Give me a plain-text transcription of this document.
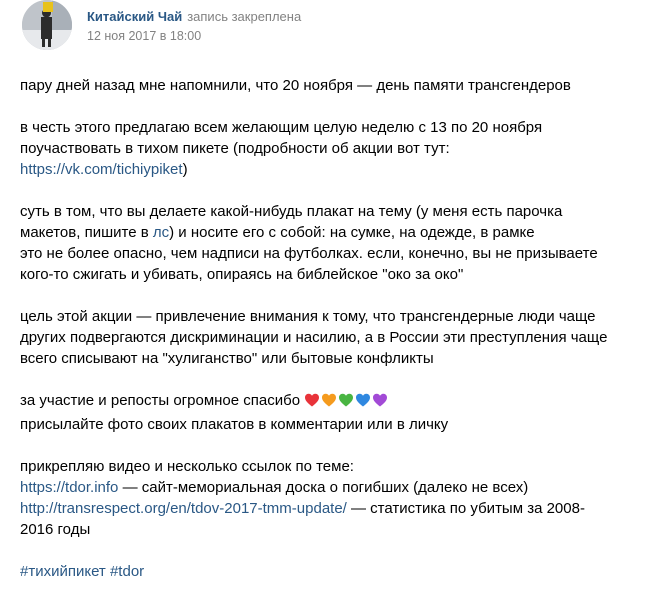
Китайский Чай запись закреплена
12 ноя 2017 в 18:00

пару дней назад мне напомнили, что 20 ноября — день памяти трансгендеров

в честь этого предлагаю всем желающим целую неделю с 13 по 20 ноября
поучаствовать в тихом пикете (подробности об акции вот тут:
https://vk.com/tichiypiket)

суть в том, что вы делаете какой-нибудь плакат на тему (у меня есть парочка
макетов, пишите в лс) и носите его с собой: на сумке, на одежде, в рамке
это не более опасно, чем надписи на футболках. если, конечно, вы не призываете
кого-то сжигать и убивать, опираясь на библейское "око за око"

цель этой акции — привлечение внимания к тому, что трансгендерные люди чаще
других подвергаются дискриминации и насилию, а в России эти преступления чаще
всего списывают на "хулиганство" или бытовые конфликты

за участие и репосты огромное спасибо
присылайте фото своих плакатов в комментарии или в личку

прикрепляю видео и несколько ссылок по теме:
https://tdor.info — сайт-мемориальная доска о погибших (далеко не всех)
http://transrespect.org/en/tdov-2017-tmm-update/ — статистика по убитым за 2008-
2016 годы

#тихийпикет #tdor
